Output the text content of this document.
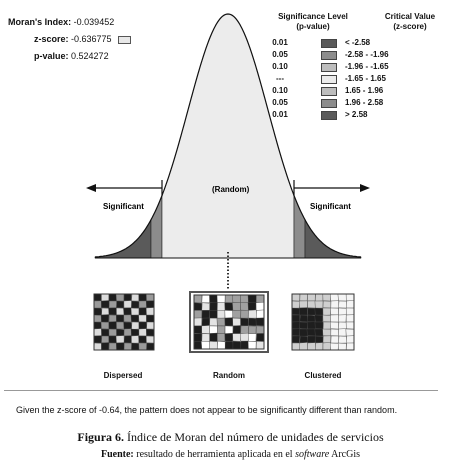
Moran's Index: -0.039452
z-score: -0.636775
p-value: 0.524272
Significance Level
(p-value)
Critical Value
(z-score)
0.01	< -2.58
0.05	-2.58 - -1.96
0.10	-1.96 - -1.65
---	-1.65 - 1.65
0.10	1.65 - 1.96
0.05	1.96 - 2.58
0.01	> 2.58
Significant
(Random)
Significant
Dispersed	Random	Clustered
Given the z-score of -0.64, the pattern does not appear to be significantly different than random.
Figura 6. Índice de Moran del número de unidades de servicios
Fuente: resultado de herramienta aplicada en el software ArcGis
